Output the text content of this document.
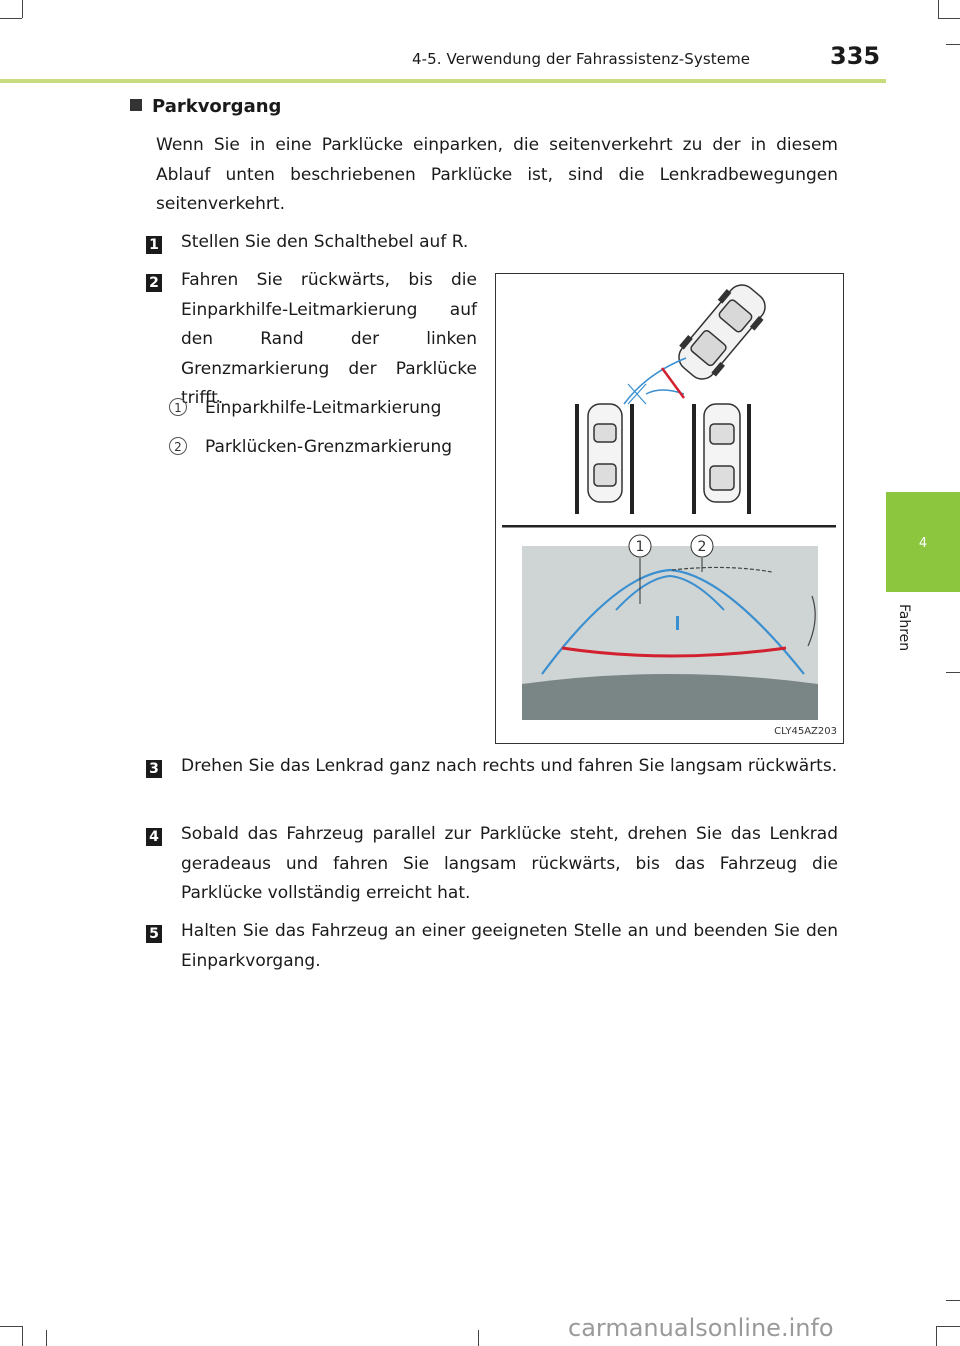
4-5. Verwendung der Fahrassistenz-Systeme	335
4
Fahren
Parkvorgang

Wenn Sie in eine Parklücke einparken, die seitenverkehrt zu der in diesem Ablauf unten beschriebenen Parklücke ist, sind die Lenkradbewegungen seitenverkehrt.

1 Stellen Sie den Schalthebel auf R.

2 Fahren Sie rückwärts, bis die Einparkhilfe-Leitmarkierung auf den Rand der linken Grenzmarkierung der Parklücke trifft.

1	Einparkhilfe-Leitmarkierung

2	Parklücken-Grenzmarkierung

1	2
CLY45AZ203
3 Drehen Sie das Lenkrad ganz nach rechts und fahren Sie langsam rückwärts.

4 Sobald das Fahrzeug parallel zur Parklücke steht, drehen Sie das Lenkrad geradeaus und fahren Sie langsam rückwärts, bis das Fahrzeug die Parklücke vollständig erreicht hat.

5 Halten Sie das Fahrzeug an einer geeigneten Stelle an und beenden Sie den Einparkvorgang.

carmanualsonline.info
